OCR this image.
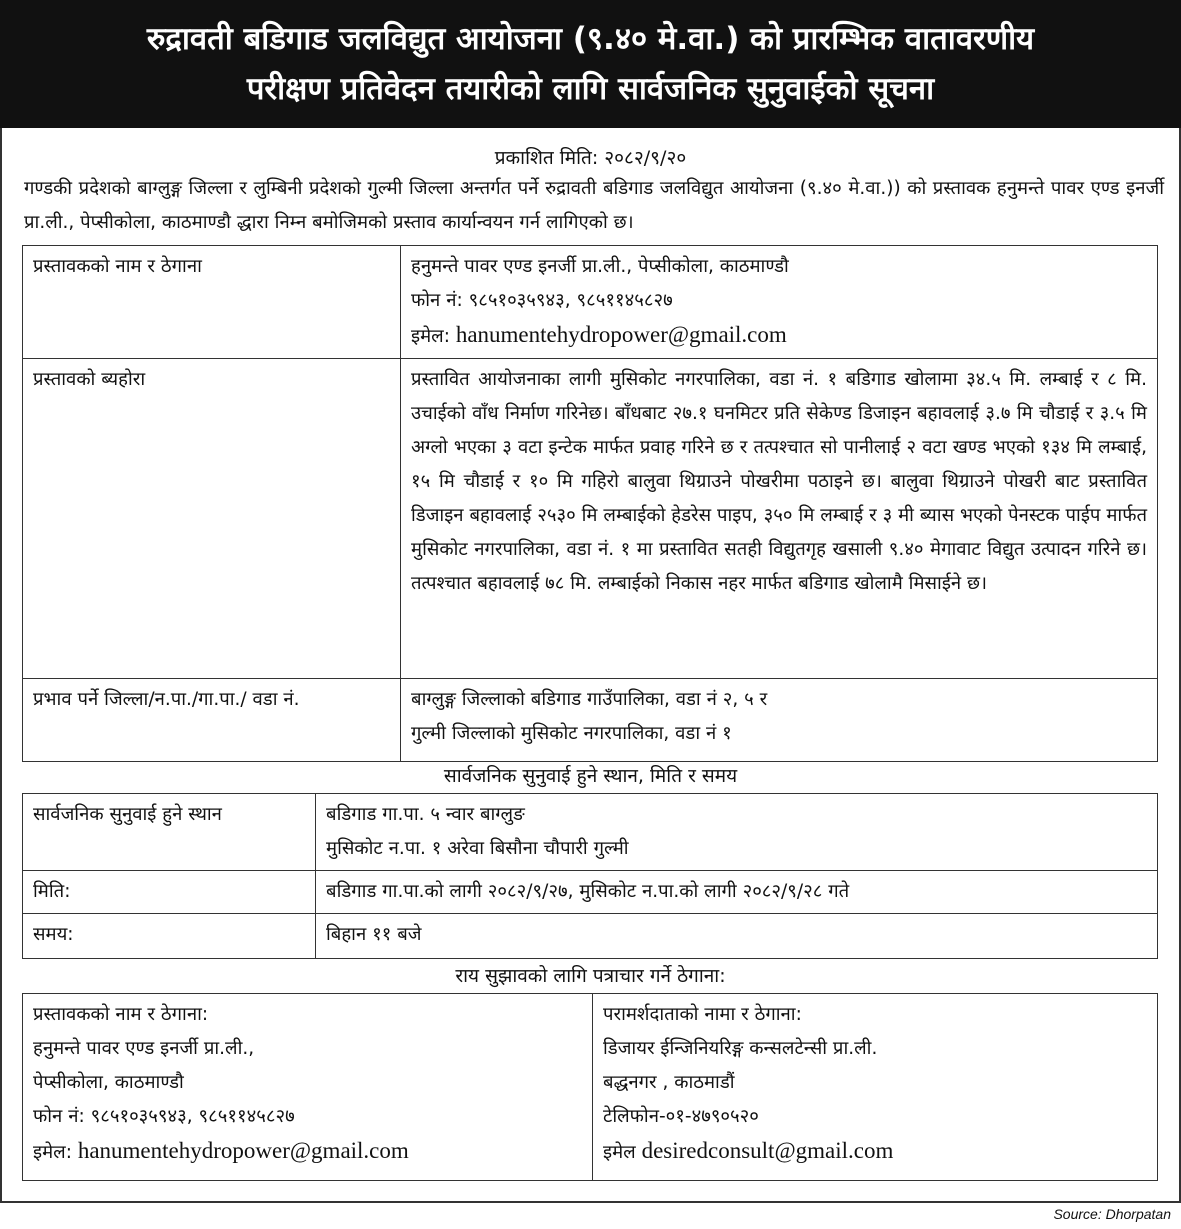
रुद्रावती बडिगाड जलविद्युत आयोजना (९.४० मे.वा.) को प्रारम्भिक वातावरणीय
परीक्षण प्रतिवेदन तयारीको लागि सार्वजनिक सुनुवाईको सूचना
प्रकाशित मिति: २०८२/९/२०
गण्डकी प्रदेशको बाग्लुङ्ग जिल्ला र लुम्बिनी प्रदेशको गुल्मी जिल्ला अन्तर्गत पर्ने रुद्रावती बडिगाड जलविद्युत आयोजना (९.४० मे.वा.)) को प्रस्तावक हनुमन्ते पावर एण्ड इनर्जी प्रा.ली., पेप्सीकोला, काठमाण्डौ द्धारा निम्न बमोजिमको प्रस्ताव कार्यान्वयन गर्न लागिएको छ।
प्रस्तावकको नाम र ठेगाना	हनुमन्ते पावर एण्ड इनर्जी प्रा.ली., पेप्सीकोला, काठमाण्डौ
फोन नं: ९८५१०३५९४३, ९८५११४५८२७
इमेल: hanumentehydropower@gmail.com

प्रस्तावको ब्यहोरा	प्रस्तावित आयोजनाका लागी मुसिकोट नगरपालिका, वडा नं. १ बडिगाड खोलामा ३४.५ मि. लम्बाई र ८ मि. उचाईको वाँध निर्माण गरिनेछ। बाँधबाट २७.१ घनमिटर प्रति सेकेण्ड डिजाइन बहावलाई ३.७ मि चौडाई र ३.५ मि अग्लो भएका ३ वटा इन्टेक मार्फत प्रवाह गरिने छ र तत्पश्चात सो पानीलाई २ वटा खण्ड भएको १३४ मि लम्बाई, १५ मि चौडाई र १० मि गहिरो बालुवा थिग्राउने पोखरीमा पठाइने छ। बालुवा थिग्राउने पोखरी बाट प्रस्तावित डिजाइन बहावलाई २५३० मि लम्बाईको हेडरेस पाइप, ३५० मि लम्बाई र ३ मी ब्यास भएको पेनस्टक पाईप मार्फत मुसिकोट नगरपालिका, वडा नं. १ मा प्रस्तावित सतही विद्युतगृह खसाली ९.४० मेगावाट विद्युत उत्पादन गरिने छ। तत्पश्चात बहावलाई ७८ मि. लम्बाईको निकास नहर मार्फत बडिगाड खोलामै मिसाईने छ।
प्रभाव पर्ने जिल्ला/न.पा./गा.पा./ वडा नं.	बाग्लुङ्ग जिल्लाको बडिगाड गाउँपालिका, वडा नं २, ५ र
गुल्मी जिल्लाको मुसिकोट नगरपालिका, वडा नं १
सार्वजनिक सुनुवाई हुने स्थान, मिति र समय
सार्वजनिक सुनुवाई हुने स्थान	बडिगाड गा.पा. ५ न्वार बाग्लुङ
मुसिकोट न.पा. १ अरेवा बिसौना चौपारी गुल्मी

मिति:	बडिगाड गा.पा.को लागी २०८२/९/२७, मुसिकोट न.पा.को लागी २०८२/९/२८ गते
समय:	बिहान ११ बजे
राय सुझावको लागि पत्राचार गर्ने ठेगाना:
प्रस्तावकको नाम र ठेगाना:
हनुमन्ते पावर एण्ड इनर्जी प्रा.ली.,
पेप्सीकोला, काठमाण्डौ
फोन नं: ९८५१०३५९४३, ९८५११४५८२७
इमेल: hanumentehydropower@gmail.com

परामर्शदाताको नामा र ठेगाना:
डिजायर ईन्जिनियरिङ्ग कन्सलटेन्सी प्रा.ली.
बद्धनगर , काठमाडौं
टेलिफोन-०१-४७९०५२०
इमेल desiredconsult@gmail.com
Source: Dhorpatan
